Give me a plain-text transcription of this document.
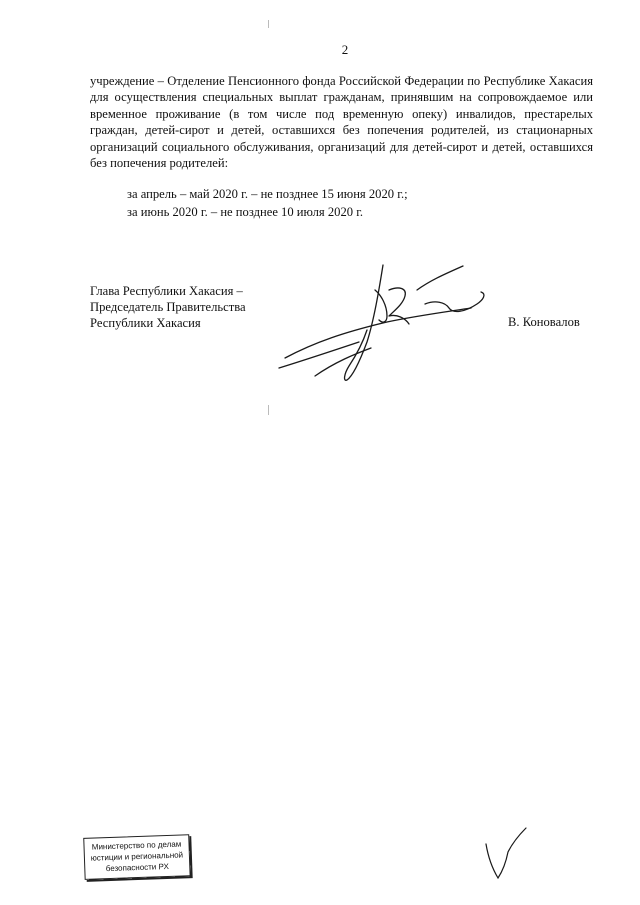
2

учреждение – Отделение Пенсионного фонда Российской Федерации по Республике Хакасия для осуществления специальных выплат гражданам, принявшим на сопровождаемое или временное проживание (в том числе под временную опеку) инвалидов, престарелых граждан, детей-сирот и детей, оставшихся без попечения родителей, из стационарных организаций социального обслуживания, организаций для детей-сирот и детей, оставшихся без попечения родителей:

за апрель – май 2020 г. – не позднее 15 июня 2020 г.;
за июнь 2020 г. – не позднее 10 июля 2020 г.
Глава Республики Хакасия –
Председатель Правительства
Республики Хакасия	В. Коновалов
Министерство по делам
юстиции и региональной
безопасности РХ
